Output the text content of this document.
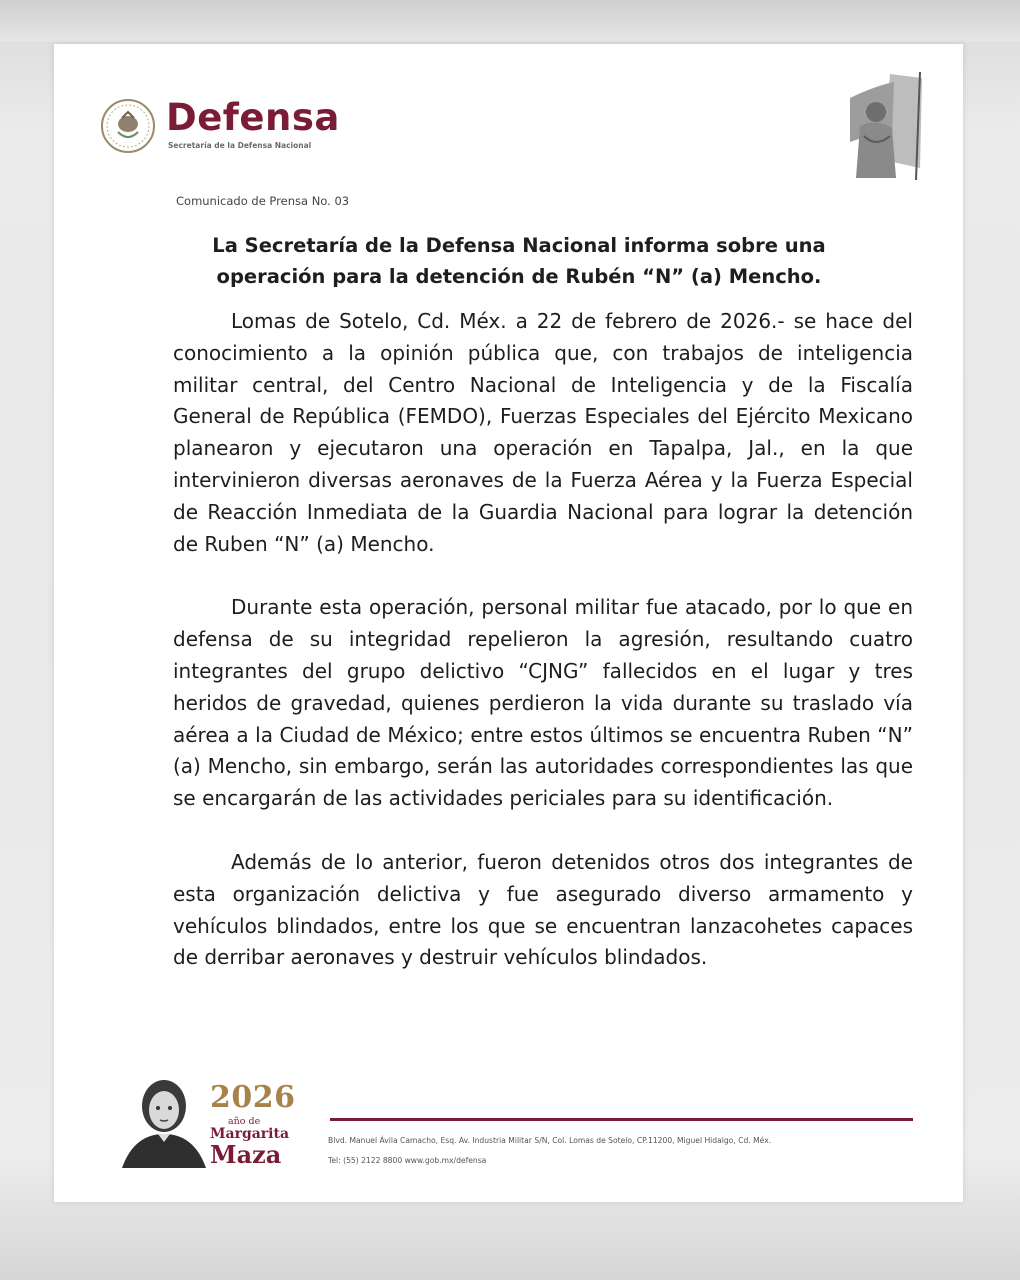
Defensa
Secretaría de la Defensa Nacional
Comunicado de Prensa No. 03
La Secretaría de la Defensa Nacional informa sobre una operación para la detención de Rubén “N” (a) Mencho.

Lomas de Sotelo, Cd. Méx. a 22 de febrero de 2026.- se hace del conocimiento a la opinión pública que, con trabajos de inteligencia militar central, del Centro Nacional de Inteligencia y de la Fiscalía General de República (FEMDO), Fuerzas Especiales del Ejército Mexicano planearon y ejecutaron una operación en Tapalpa, Jal., en la que intervinieron diversas aeronaves de la Fuerza Aérea y la Fuerza Especial de Reacción Inmediata de la Guardia Nacional para lograr la detención de Ruben “N” (a) Mencho.

Durante esta operación, personal militar fue atacado, por lo que en defensa de su integridad repelieron la agresión, resultando cuatro integrantes del grupo delictivo “CJNG” fallecidos en el lugar y tres heridos de gravedad, quienes perdieron la vida durante su traslado vía aérea a la Ciudad de México; entre estos últimos se encuentra Ruben “N” (a) Mencho, sin embargo, serán las autoridades correspondientes las que se encargarán de las actividades periciales para su identificación.

Además de lo anterior, fueron detenidos otros dos integrantes de esta organización delictiva y fue asegurado diverso armamento y vehículos blindados, entre los que se encuentran lanzacohetes capaces de derribar aeronaves y destruir vehículos blindados.

2026
año de
Margarita
Maza	Blvd. Manuel Ávila Camacho, Esq. Av. Industria Militar S/N, Col. Lomas de Sotelo, CP.11200, Miguel Hidalgo, Cd. Méx.
Tel: (55) 2122 8800 www.gob.mx/defensa
